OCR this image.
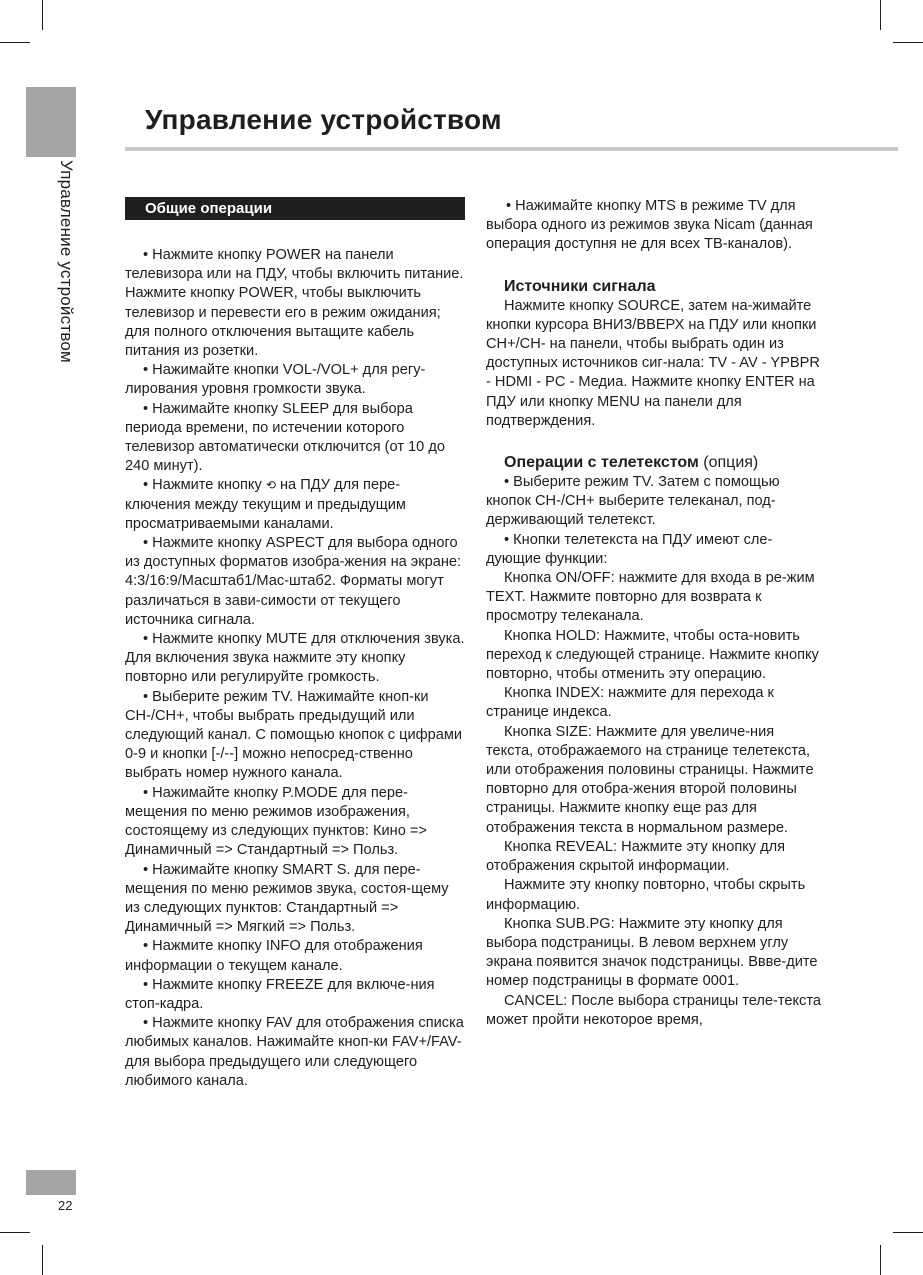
Управление устройством
22
Управление устройством
Общие операции

• Нажмите кнопку POWER на панели телевизора или на ПДУ, чтобы включить питание. Нажмите кнопку POWER, чтобы выключить телевизор и перевести его в режим ожидания; для полного отключения вытащите кабель питания из розетки.

• Нажимайте кнопки VOL-/VOL+ для регу-лирования уровня громкости звука.

• Нажимайте кнопку SLEEP для выбора периода времени, по истечении которого телевизор автоматически отключится (от 10 до 240 минут).

• Нажмите кнопку ⟲ на ПДУ для пере-ключения между текущим и предыдущим просматриваемыми каналами.

• Нажмите кнопку ASPECT для выбора одного из доступных форматов изобра-жения на экране: 4:3/16:9/Масштаб1/Мас-штаб2. Форматы могут различаться в зави-симости от текущего источника сигнала.

• Нажмите кнопку MUTE для отключения звука. Для включения звука нажмите эту кнопку повторно или регулируйте громкость.

• Выберите режим TV. Нажимайте кноп-ки CH-/CH+, чтобы выбрать предыдущий или следующий канал. С помощью кнопок с цифрами 0-9 и кнопки [-/--] можно непосред-ственно выбрать номер нужного канала.

• Нажимайте кнопку P.MODE для пере-мещения по меню режимов изображения, состоящему из следующих пунктов: Кино => Динамичный => Стандартный => Польз.

• Нажимайте кнопку SMART S. для пере-мещения по меню режимов звука, состоя-щему из следующих пунктов: Стандартный => Динамичный => Мягкий => Польз.

• Нажмите кнопку INFO для отображения информации о текущем канале.

• Нажмите кнопку FREEZE для включе-ния стоп-кадра.

• Нажмите кнопку FAV для отображения списка любимых каналов. Нажимайте кноп-ки FAV+/FAV- для выбора предыдущего или следующего любимого канала.

• Нажимайте кнопку MTS в режиме TV для выбора одного из режимов звука Nicam (данная операция доступня не для всех ТВ-каналов).

Источники сигнала

Нажмите кнопку SOURCE, затем на-жимайте кнопки курсора ВНИЗ/ВВЕРХ на ПДУ или кнопки CH+/CH- на панели, чтобы выбрать один из доступных источников сиг-нала: TV - AV - YPBPR - HDMI - PC - Медиа. Нажмите кнопку ENTER на ПДУ или кнопку MENU на панели для подтверждения.

Операции с телетекстом (опция)

• Выберите режим TV. Затем с помощью кнопок CH-/CH+ выберите телеканал, под-держивающий телетекст.

• Кнопки телетекста на ПДУ имеют сле-дующие функции:

Кнопка ON/OFF: нажмите для входа в ре-жим TEXT. Нажмите повторно для возврата к просмотру телеканала.

Кнопка HOLD: Нажмите, чтобы оста-новить переход к следующей странице. Нажмите кнопку повторно, чтобы отменить эту операцию.

Кнопка INDEX: нажмите для перехода к странице индекса.

Кнопка SIZE: Нажмите для увеличе-ния текста, отображаемого на странице телетекста, или отображения половины страницы. Нажмите повторно для отобра-жения второй половины страницы. Нажмите кнопку еще раз для отображения текста в нормальном размере.

Кнопка REVEAL: Нажмите эту кнопку для отображения скрытой информации.

Нажмите эту кнопку повторно, чтобы скрыть информацию.

Кнопка SUB.PG: Нажмите эту кнопку для выбора подстраницы. В левом верхнем углу экрана появится значок подстраницы. Ввве-дите номер подстраницы в формате 0001.

CANCEL: После выбора страницы теле-текста может пройти некоторое время,
